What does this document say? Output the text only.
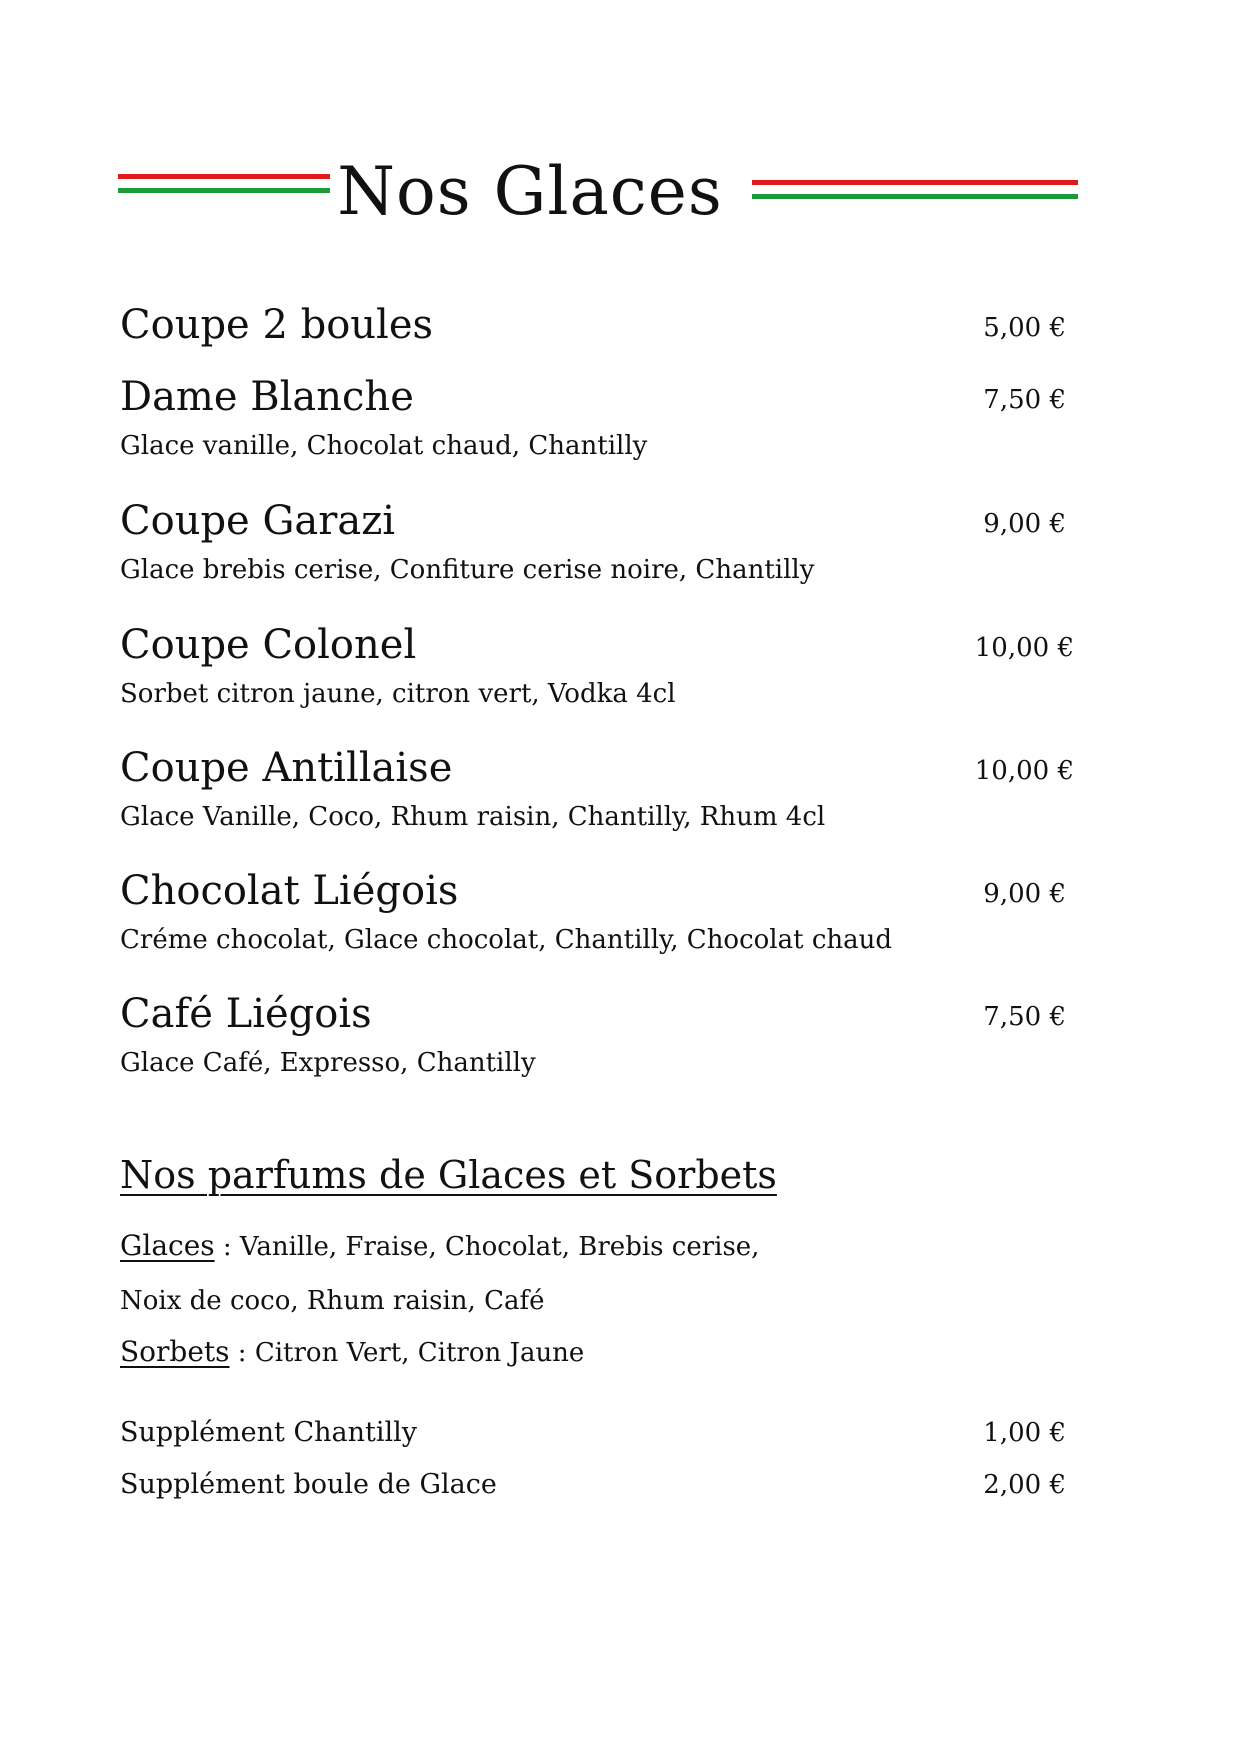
Nos Glaces
Coupe 2 boules	5,00 €
Dame Blanche	7,50 €
Glace vanille, Chocolat chaud, Chantilly
Coupe Garazi	9,00 €
Glace brebis cerise, Confiture cerise noire, Chantilly
Coupe Colonel	10,00 €
Sorbet citron jaune, citron vert, Vodka 4cl
Coupe Antillaise	10,00 €
Glace Vanille, Coco, Rhum raisin, Chantilly, Rhum 4cl
Chocolat Liégois	9,00 €
Créme chocolat, Glace chocolat, Chantilly, Chocolat chaud
Café Liégois	7,50 €
Glace Café, Expresso, Chantilly
Nos parfums de Glaces et Sorbets
Glaces : Vanille, Fraise, Chocolat, Brebis cerise,
Noix de coco, Rhum raisin, Café
Sorbets : Citron Vert, Citron Jaune
Supplément Chantilly	1,00 €
Supplément boule de Glace	2,00 €
